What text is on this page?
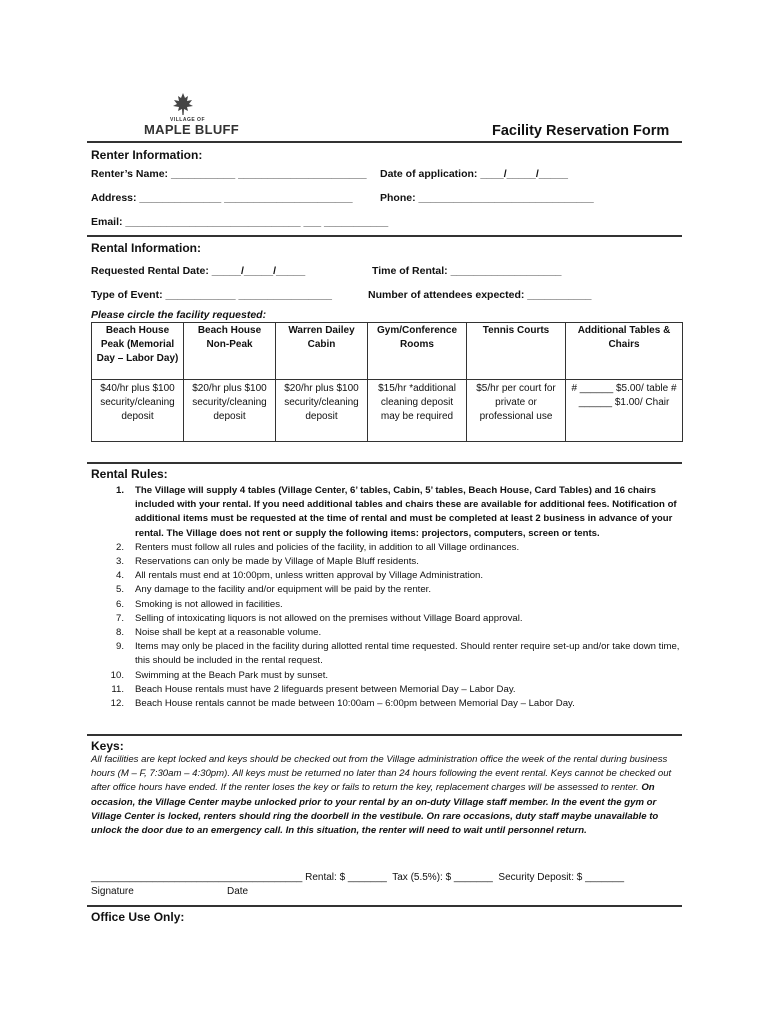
VILLAGE OF
MAPLE BLUFF	Facility Reservation Form
Renter Information:
Renter’s Name: ___________ ______________________ Date of application: ____/_____/_____
Address: ______________ ______________________	Phone: ______________________________
Email: ______________________________ ___ ___________
Rental Information:
Requested Rental Date: _____/_____/_____	Time of Rental: ___________________
Type of Event: ____________ ________________	Number of attendees expected: ___________
Please circle the facility requested:
Beach House Peak (Memorial Day – Labor Day)	Beach House Non-Peak	Warren Dailey Cabin	Gym/Conference Rooms	Tennis Courts	Additional Tables & Chairs
$40/hr plus $100 security/cleaning deposit	$20/hr plus $100 security/cleaning deposit	$20/hr plus $100 security/cleaning deposit	$15/hr *additional cleaning deposit may be required	$5/hr per court for private or professional use	# ______ $5.00/ table # ______ $1.00/ Chair
Rental Rules:
1. The Village will supply 4 tables (Village Center, 6’ tables, Cabin, 5’ tables, Beach House, Card Tables) and 16 chairs included with your rental. If you need additional tables and chairs these are available for additional fees. Notification of additional items must be requested at the time of rental and must be completed at least 2 business in advance of your rental. The Village does not rent or supply the following items: projectors, computers, screen or tents.
2. Renters must follow all rules and policies of the facility, in addition to all Village ordinances.
3. Reservations can only be made by Village of Maple Bluff residents.
4. All rentals must end at 10:00pm, unless written approval by Village Administration.
5. Any damage to the facility and/or equipment will be paid by the renter.
6. Smoking is not allowed in facilities.
7. Selling of intoxicating liquors is not allowed on the premises without Village Board approval.
8. Noise shall be kept at a reasonable volume.
9. Items may only be placed in the facility during allotted rental time requested. Should renter require set-up and/or take down time, this should be included in the rental request.
10. Swimming at the Beach Park must by sunset.
11. Beach House rentals must have 2 lifeguards present between Memorial Day – Labor Day.
12. Beach House rentals cannot be made between 10:00am – 6:00pm between Memorial Day – Labor Day.
Keys:
All facilities are kept locked and keys should be checked out from the Village administration office the week of the rental during business hours (M – F, 7:30am – 4:30pm). All keys must be returned no later than 24 hours following the event rental. Keys cannot be checked out after office hours have ended. If the renter loses the key or fails to return the key, replacement charges will be assessed to renter. On occasion, the Village Center maybe unlocked prior to your rental by an on-duty Village staff member. In the event the gym or Village Center is locked, renters should ring the doorbell in the vestibule. On rare occasions, duty staff maybe unavailable to unlock the door due to an emergency call. In this situation, the renter will need to wait until personnel return.
______________________________________ Rental: $ _______  Tax (5.5%): $ _______  Security Deposit: $ _______
Signature	Date
Office Use Only:
